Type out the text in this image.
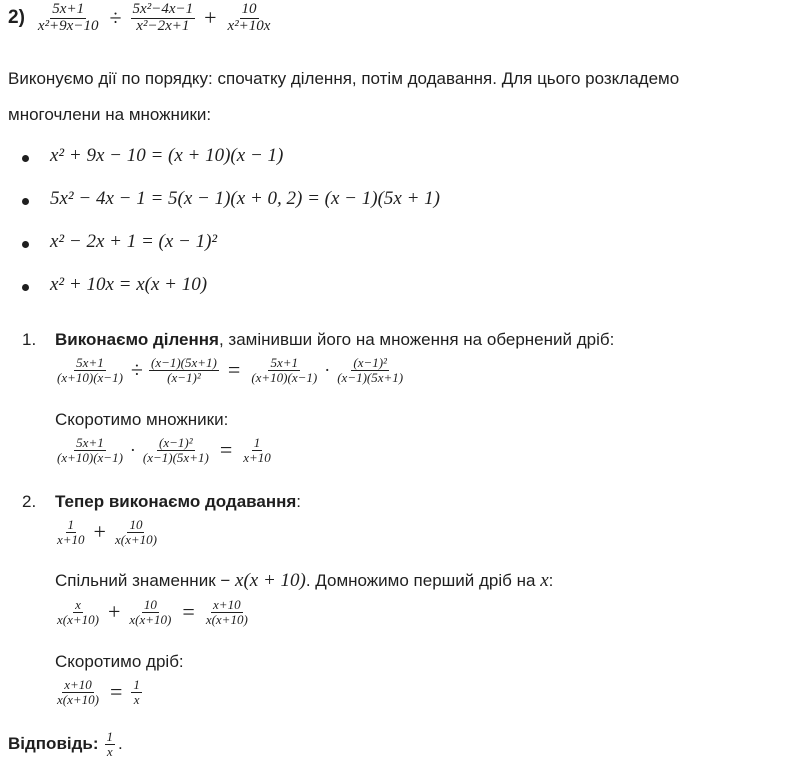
$2) \frac{5x+1}{\text{x²+9x−10}} \div \frac{\text{5x²−4x−1}}{\text{x²−2x+1}} + \frac{10}{\text{x²+10x}}$
Виконуємо дії по порядку: спочатку ділення, потім додавання. Для цього розкладемо
многочлени на множники:
x² + 9x − 10 = (x + 10)(x − 1)
5x² − 4x − 1 = 5(x − 1)(x + 0, 2) = (x − 1)(5x + 1)
x² − 2x + 1 = (x − 1)²
x² + 10x = x(x + 10)
1. Виконаємо ділення, замінивши його на множення на обернений дріб:
$\frac{5x+1}{(x+10)(x-1)} \div \frac{(x-1)(5x+1)}{\text{(x−1)²}} = \frac{5x+1}{(x+10)(x-1)} \cdot \frac{\text{(x−1)²}}{(x-1)(5x+1)}$
Скоротимо множники:
$\frac{5x+1}{(x+10)(x-1)} \cdot \frac{\text{(x−1)²}}{(x-1)(5x+1)} = \frac{1}{x+10}$
2. Тепер виконаємо додавання:
$\frac{1}{x+10} + \frac{10}{x(x+10)}$
Спільний знаменник − x(x + 10). Домножимо перший дріб на x:
$\frac{x}{x(x+10)} + \frac{10}{x(x+10)} = \frac{x+10}{x(x+10)}$
Скоротимо дріб:
$\frac{x+10}{x(x+10)} = \frac{1}{x}$
Відповідь: $\frac{1}{x}$ .
